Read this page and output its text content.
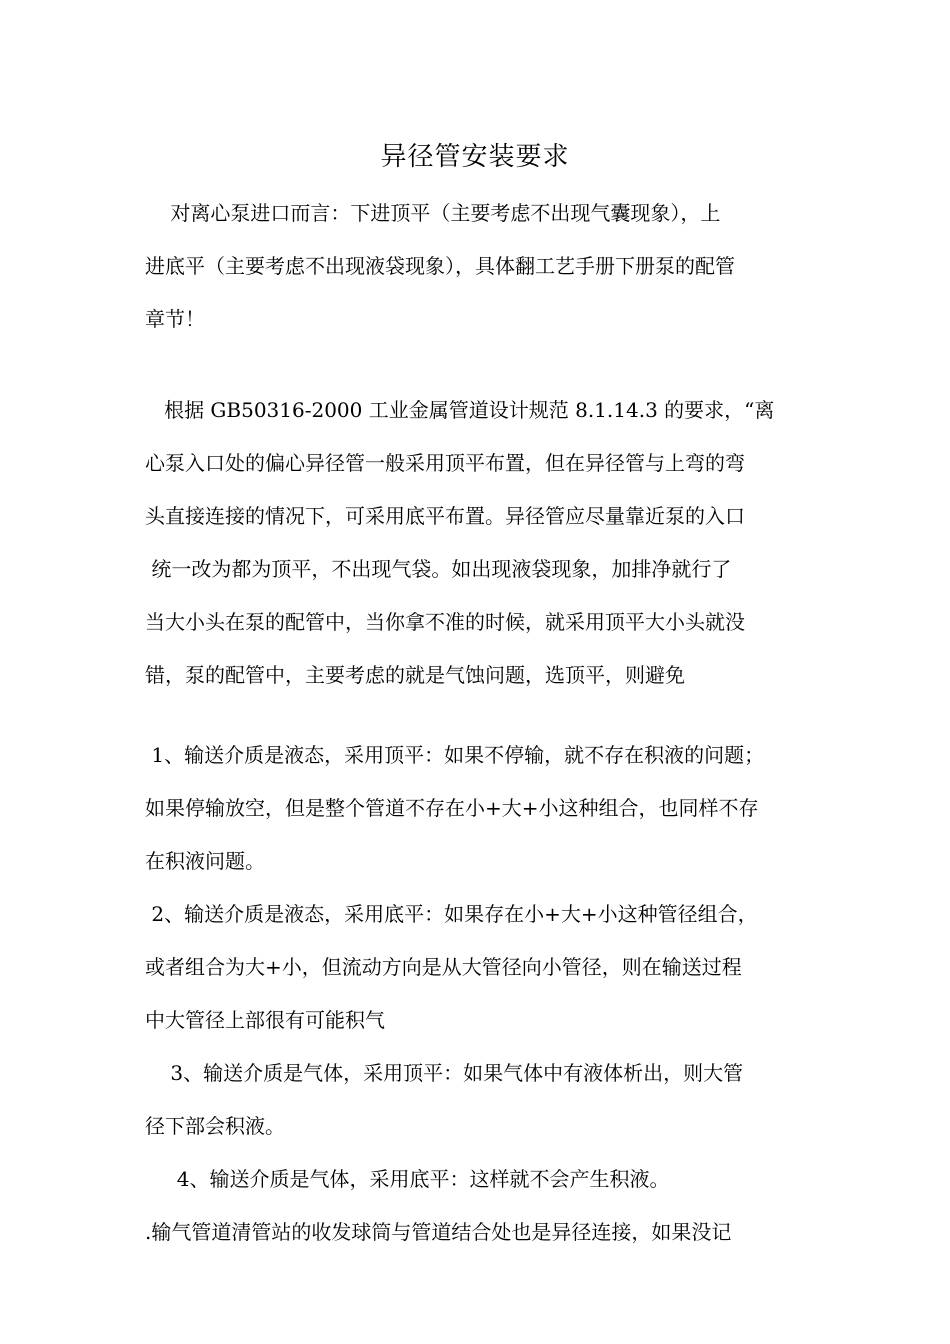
异径管安装要求
对离心泵进口而言：下进顶平（主要考虑不出现气囊现象），上
进底平（主要考虑不出现液袋现象），具体翻工艺手册下册泵的配管
章节！
根据 GB50316-2000 工业金属管道设计规范 8.1.14.3 的要求，“离
心泵入口处的偏心异径管一般采用顶平布置，但在异径管与上弯的弯
头直接连接的情况下，可采用底平布置。异径管应尽量靠近泵的入口
统一改为都为顶平，不出现气袋。如出现液袋现象，加排净就行了
当大小头在泵的配管中，当你拿不准的时候，就采用顶平大小头就没
错，泵的配管中，主要考虑的就是气蚀问题，选顶平，则避免
1、输送介质是液态，采用顶平：如果不停输，就不存在积液的问题；
如果停输放空，但是整个管道不存在小+大+小这种组合，也同样不存
在积液问题。
2、输送介质是液态，采用底平：如果存在小+大+小这种管径组合，
或者组合为大+小，但流动方向是从大管径向小管径，则在输送过程
中大管径上部很有可能积气
3、输送介质是气体，采用顶平：如果气体中有液体析出，则大管
径下部会积液。
4、输送介质是气体，采用底平：这样就不会产生积液。
.输气管道清管站的收发球筒与管道结合处也是异径连接，如果没记
